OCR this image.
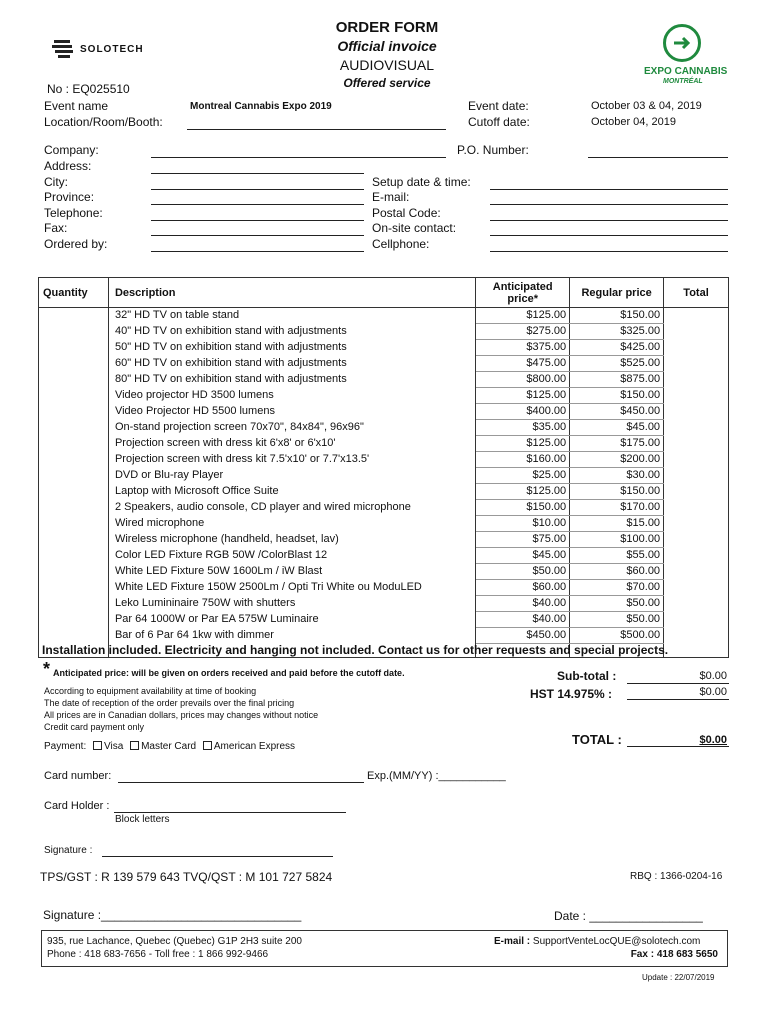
SOLOTECH
EXPO CANNABIS
MONTRÉAL
ORDER FORM
Official invoice
AUDIOVISUAL
Offered service
No : EQ025510
Event name	Montreal Cannabis Expo 2019
Location/Room/Booth:
Event date:	October 03 & 04, 2019
Cutoff date:	October 04, 2019
Company:
Address:
City:
Province:
Telephone:
Fax:
Ordered by:
P.O. Number:
Setup date & time:
E-mail:
Postal Code:
On-site contact:
Cellphone:
Quantity	Description	Anticipated price*	Regular price	Total
	32" HD TV on table stand	$125.00	$150.00	
	40" HD TV on exhibition stand with adjustments	$275.00	$325.00	
	50" HD TV on exhibition stand with adjustments	$375.00	$425.00	
	60" HD TV on exhibition stand with adjustments	$475.00	$525.00	
	80" HD TV on exhibition stand with adjustments	$800.00	$875.00	
	Video projector HD 3500 lumens	$125.00	$150.00	
	Video Projector HD 5500 lumens	$400.00	$450.00	
	On-stand projection screen 70x70", 84x84", 96x96"	$35.00	$45.00	
	Projection screen with dress kit 6'x8' or 6'x10'	$125.00	$175.00	
	Projection screen with dress kit 7.5'x10' or 7.7'x13.5'	$160.00	$200.00	
	DVD or Blu-ray Player	$25.00	$30.00	
	Laptop with Microsoft Office Suite	$125.00	$150.00	
	2 Speakers, audio console, CD player and wired microphone	$150.00	$170.00	
	Wired microphone	$10.00	$15.00	
	Wireless microphone (handheld, headset, lav)	$75.00	$100.00	
	Color LED Fixture RGB 50W /ColorBlast 12	$45.00	$55.00	
	White LED Fixture 50W 1600Lm / iW Blast	$50.00	$60.00	
	White LED Fixture 150W 2500Lm / Opti Tri White ou ModuLED	$60.00	$70.00	
	Leko Lumininaire 750W with shutters	$40.00	$50.00	
	Par 64 1000W or Par EA 575W Luminaire	$40.00	$50.00	
	Bar of 6 Par 64 1kw with dimmer	$450.00	$500.00	

Installation included. Electricity and hanging not included. Contact us for other requests and special projects.
* Anticipated price: will be given on orders received and paid before the cutoff date.
According to equipment availability at time of booking
The date of reception of the order prevails over the final pricing
All prices are in Canadian dollars, prices may changes without notice
Credit card payment only
Sub-total :	$0.00
HST 14.975% :	$0.00
TOTAL :	$0.00
Payment: Visa Master Card American Express
Card number:	Exp.(MM/YY) :___________
Card Holder :
Block letters
Signature :
TPS/GST : R 139 579 643 TVQ/QST : M 101 727 5824	RBQ : 1366-0204-16
Signature :______________________________	Date : _________________
935, rue Lachance, Quebec (Quebec) G1P 2H3 suite 200
Phone : 418 683-7656 - Toll free : 1 866 992-9466
E-mail : SupportVenteLocQUE@solotech.com
Fax : 418 683 5650
Update : 22/07/2019
